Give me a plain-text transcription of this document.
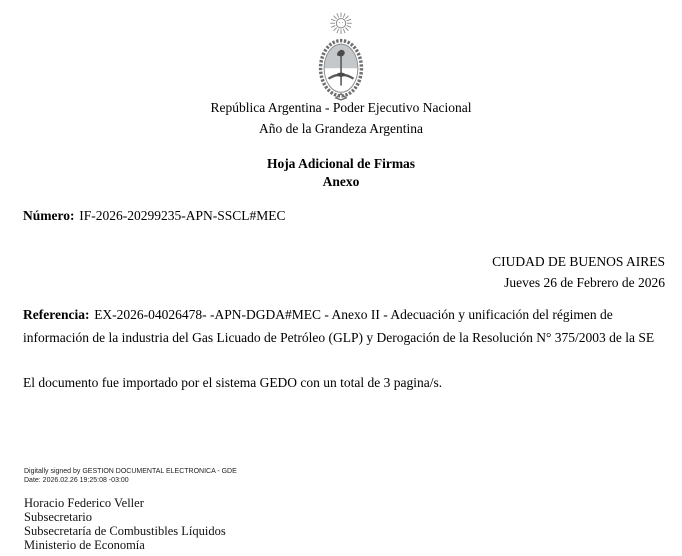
República Argentina - Poder Ejecutivo Nacional
Año de la Grandeza Argentina
Hoja Adicional de Firmas
Anexo
Número: IF-2026-20299235-APN-SSCL#MEC
CIUDAD DE BUENOS AIRES
Jueves 26 de Febrero de 2026
Referencia: EX-2026-04026478- -APN-DGDA#MEC - Anexo II - Adecuación y unificación del régimen de información de la industria del Gas Licuado de Petróleo (GLP) y Derogación de la Resolución N° 375/2003 de la SE
El documento fue importado por el sistema GEDO con un total de 3 pagina/s.
Digitally signed by GESTION DOCUMENTAL ELECTRONICA - GDE
Date: 2026.02.26 19:25:08 -03:00
Horacio Federico Veller
Subsecretario
Subsecretaría de Combustibles Líquidos
Ministerio de Economía
